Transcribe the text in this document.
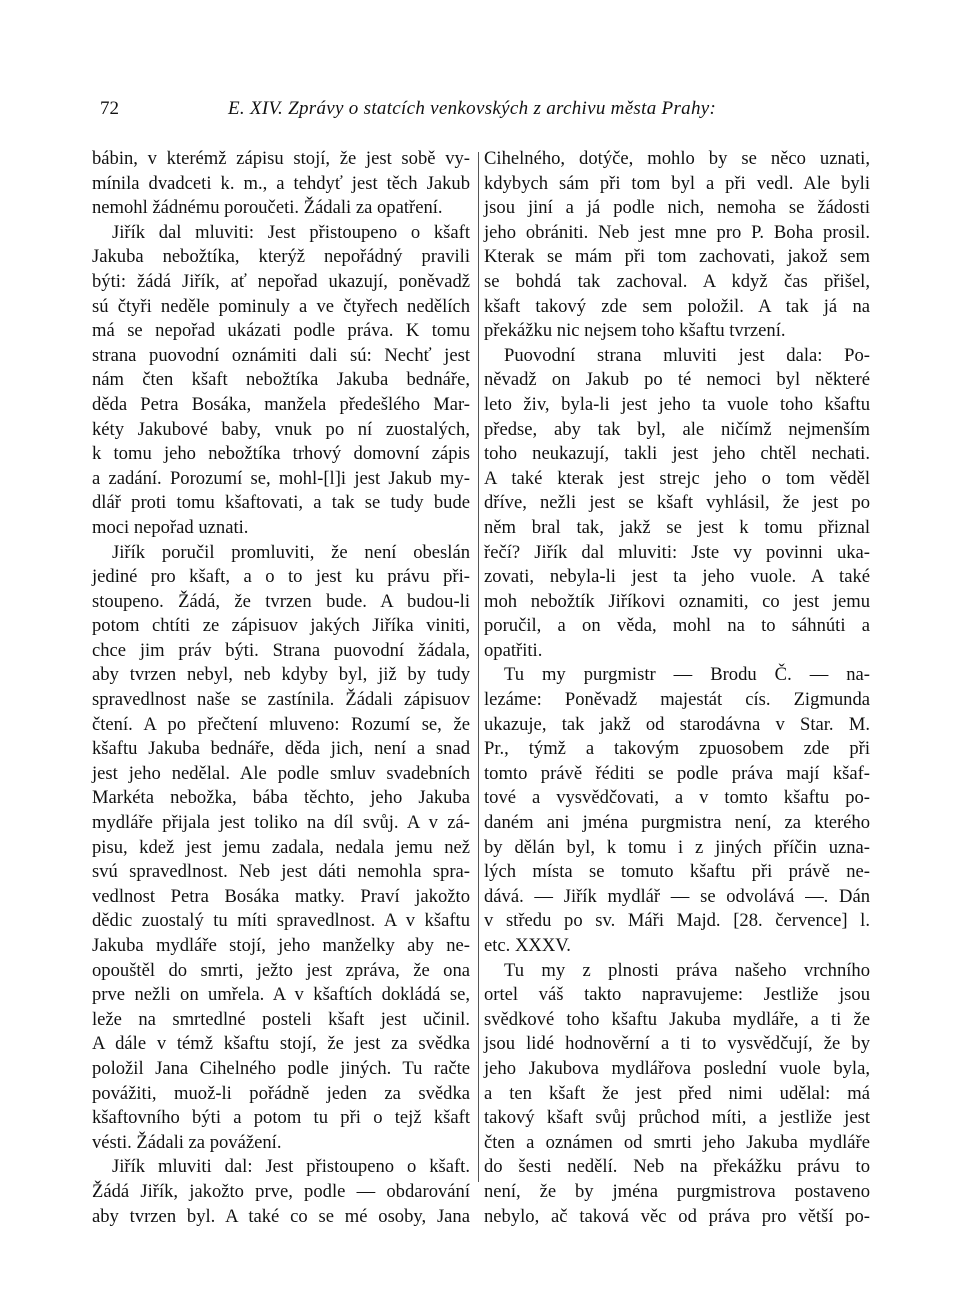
72	E. XIV. Zprávy o statcích venkovských z archivu města Prahy:
bábin, v kterémž zápisu stojí, že jest sobě vy-
mínila dvadceti k. m., a tehdyť jest těch Jakub
nemohl žádnému poroučeti. Žádali za opatření.
Jiřík dal mluviti: Jest přistoupeno o kšaft
Jakuba nebožtíka, kterýž nepořádný pravili
býti: žádá Jiřík, ať nepořad ukazují, poněvadž
sú čtyři neděle pominuly a ve čtyřech nedělích
má se nepořad ukázati podle práva. K tomu
strana puovodní oznámiti dali sú: Nechť jest
nám čten kšaft nebožtíka Jakuba bednáře,
děda Petra Bosáka, manžela předešlého Mar-
kéty Jakubové baby, vnuk po ní zuostalých,
k tomu jeho nebožtíka trhový domovní zápis
a zadání. Porozumí se, mohl-[l]i jest Jakub my-
dlář proti tomu kšaftovati, a tak se tudy bude
moci nepořad uznati.
Jiřík poručil promluviti, že není obeslán
jediné pro kšaft, a o to jest ku právu při-
stoupeno. Žádá, že tvrzen bude. A budou-li
potom chtíti ze zápisuov jakých Jiříka viniti,
chce jim práv býti. Strana puovodní žádala,
aby tvrzen nebyl, neb kdyby byl, již by tudy
spravedlnost naše se zastínila. Žádali zápisuov
čtení. A po přečtení mluveno: Rozumí se, že
kšaftu Jakuba bednáře, děda jich, není a snad
jest jeho nedělal. Ale podle smluv svadebních
Markéta nebožka, bába těchto, jeho Jakuba
mydláře přijala jest toliko na díl svůj. A v zá-
pisu, kdež jest jemu zadala, nedala jemu než
svú spravedlnost. Neb jest dáti nemohla spra-
vedlnost Petra Bosáka matky. Praví jakožto
dědic zuostalý tu míti spravedlnost. A v kšaftu
Jakuba mydláře stojí, jeho manželky aby ne-
opouštěl do smrti, ježto jest zpráva, že ona
prve nežli on umřela. A v kšaftích dokládá se,
leže na smrtedlné posteli kšaft jest učinil.
A dále v témž kšaftu stojí, že jest za svědka
položil Jana Cihelného podle jiných. Tu račte
povážiti, muož-li pořádně jeden za svědka
kšaftovního býti a potom tu při o tejž kšaft
vésti. Žádali za povážení.
Jiřík mluviti dal: Jest přistoupeno o kšaft.
Žádá Jiřík, jakožto prve, podle — obdarování
aby tvrzen byl. A také co se mé osoby, Jana
Cihelného, dotýče, mohlo by se něco uznati,
kdybych sám při tom byl a při vedl. Ale byli
jsou jiní a já podle nich, nemoha se žádosti
jeho obrániti. Neb jest mne pro P. Boha prosil.
Kterak se mám při tom zachovati, jakož sem
se bohdá tak zachoval. A když čas přišel,
kšaft takový zde sem položil. A tak já na
překážku nic nejsem toho kšaftu tvrzení.
Puovodní strana mluviti jest dala: Po-
něvadž on Jakub po té nemoci byl některé
leto živ, byla-li jest jeho ta vuole toho kšaftu
předse, aby tak byl, ale ničímž nejmenším
toho neukazují, takli jest jeho chtěl nechati.
A také kterak jest strejc jeho o tom věděl
dříve, nežli jest se kšaft vyhlásil, že jest po
něm bral tak, jakž se jest k tomu přiznal
řečí? Jiřík dal mluviti: Jste vy povinni uka-
zovati, nebyla-li jest ta jeho vuole. A také
moh nebožtík Jiříkovi oznamiti, co jest jemu
poručil, a on věda, mohl na to sáhnúti a
opatřiti.
Tu my purgmistr — Brodu Č. — na-
lezáme: Poněvadž majestát cís. Zigmunda
ukazuje, tak jakž od starodávna v Star. M.
Pr., týmž a takovým zpuosobem zde při
tomto právě řéditi se podle práva mají kšaf-
tové a vysvědčovati, a v tomto kšaftu po-
daném ani jména purgmistra není, za kterého
by dělán byl, k tomu i z jiných příčin uzna-
lých místa se tomuto kšaftu při právě ne-
dává. — Jiřík mydlář — se odvolává —. Dán
v středu po sv. Máři Majd. [28. července] l.
etc. XXXV.
Tu my z plnosti práva našeho vrchního
ortel váš takto napravujeme: Jestliže jsou
svědkové toho kšaftu Jakuba mydláře, a ti že
jsou lidé hodnověrní a ti to vysvědčují, že by
jeho Jakubova mydlářova poslední vuole byla,
a ten kšaft že jest před nimi udělal: má
takový kšaft svůj průchod míti, a jestliže jest
čten a oznámen od smrti jeho Jakuba mydláře
do šesti nedělí. Neb na překážku právu to
není, že by jména purgmistrova postaveno
nebylo, ač taková věc od práva pro větší po-
